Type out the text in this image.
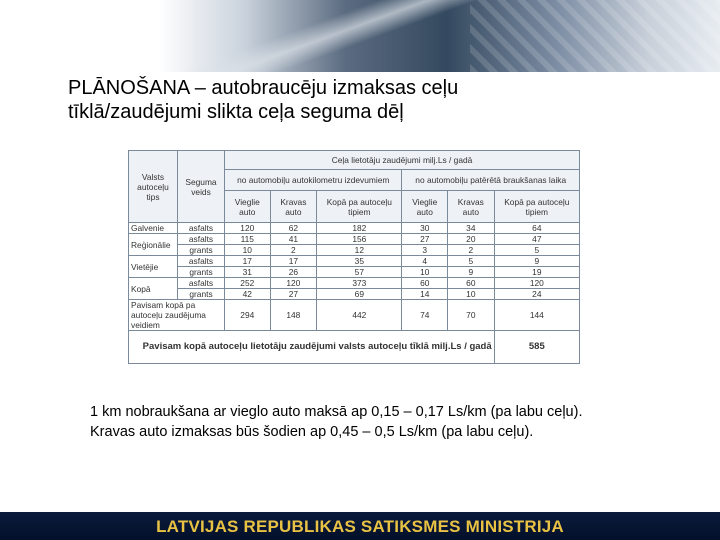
PLĀNOŠANA – autobraucēju izmaksas ceļu
tīklā/zaudējumi slikta ceļa seguma dēļ
Valsts autoceļu tips	Seguma veids	Ceļa lietotāju zaudējumi milj.Ls / gadā					
		no automobiļu autokilometru izdevumiem			no automobiļu patērētā braukšanas laika		
		Vieglie auto	Kravas auto	Kopā pa autoceļu tipiem	Vieglie auto	Kravas auto	Kopā pa autoceļu tipiem
Galvenie	asfalts	120	62	182	30	34	64
Reģionālie	asfalts	115	41	156	27	20	47
	grants	10	2	12	3	2	5
Vietējie	asfalts	17	17	35	4	5	9
	grants	31	26	57	10	9	19
Kopā	asfalts	252	120	373	60	60	120
	grants	42	27	69	14	10	24
Pavisam kopā pa autoceļu zaudējuma veidiem		294	148	442	74	70	144
Pavisam kopā autoceļu lietotāju zaudējumi valsts autoceļu tīklā milj.Ls / gadā							585

1 km nobraukšana ar vieglo auto maksā ap 0,15 – 0,17 Ls/km (pa labu ceļu).

Kravas auto izmaksas būs šodien ap 0,45 – 0,5 Ls/km (pa labu ceļu).

LATVIJAS REPUBLIKAS SATIKSMES MINISTRIJA
